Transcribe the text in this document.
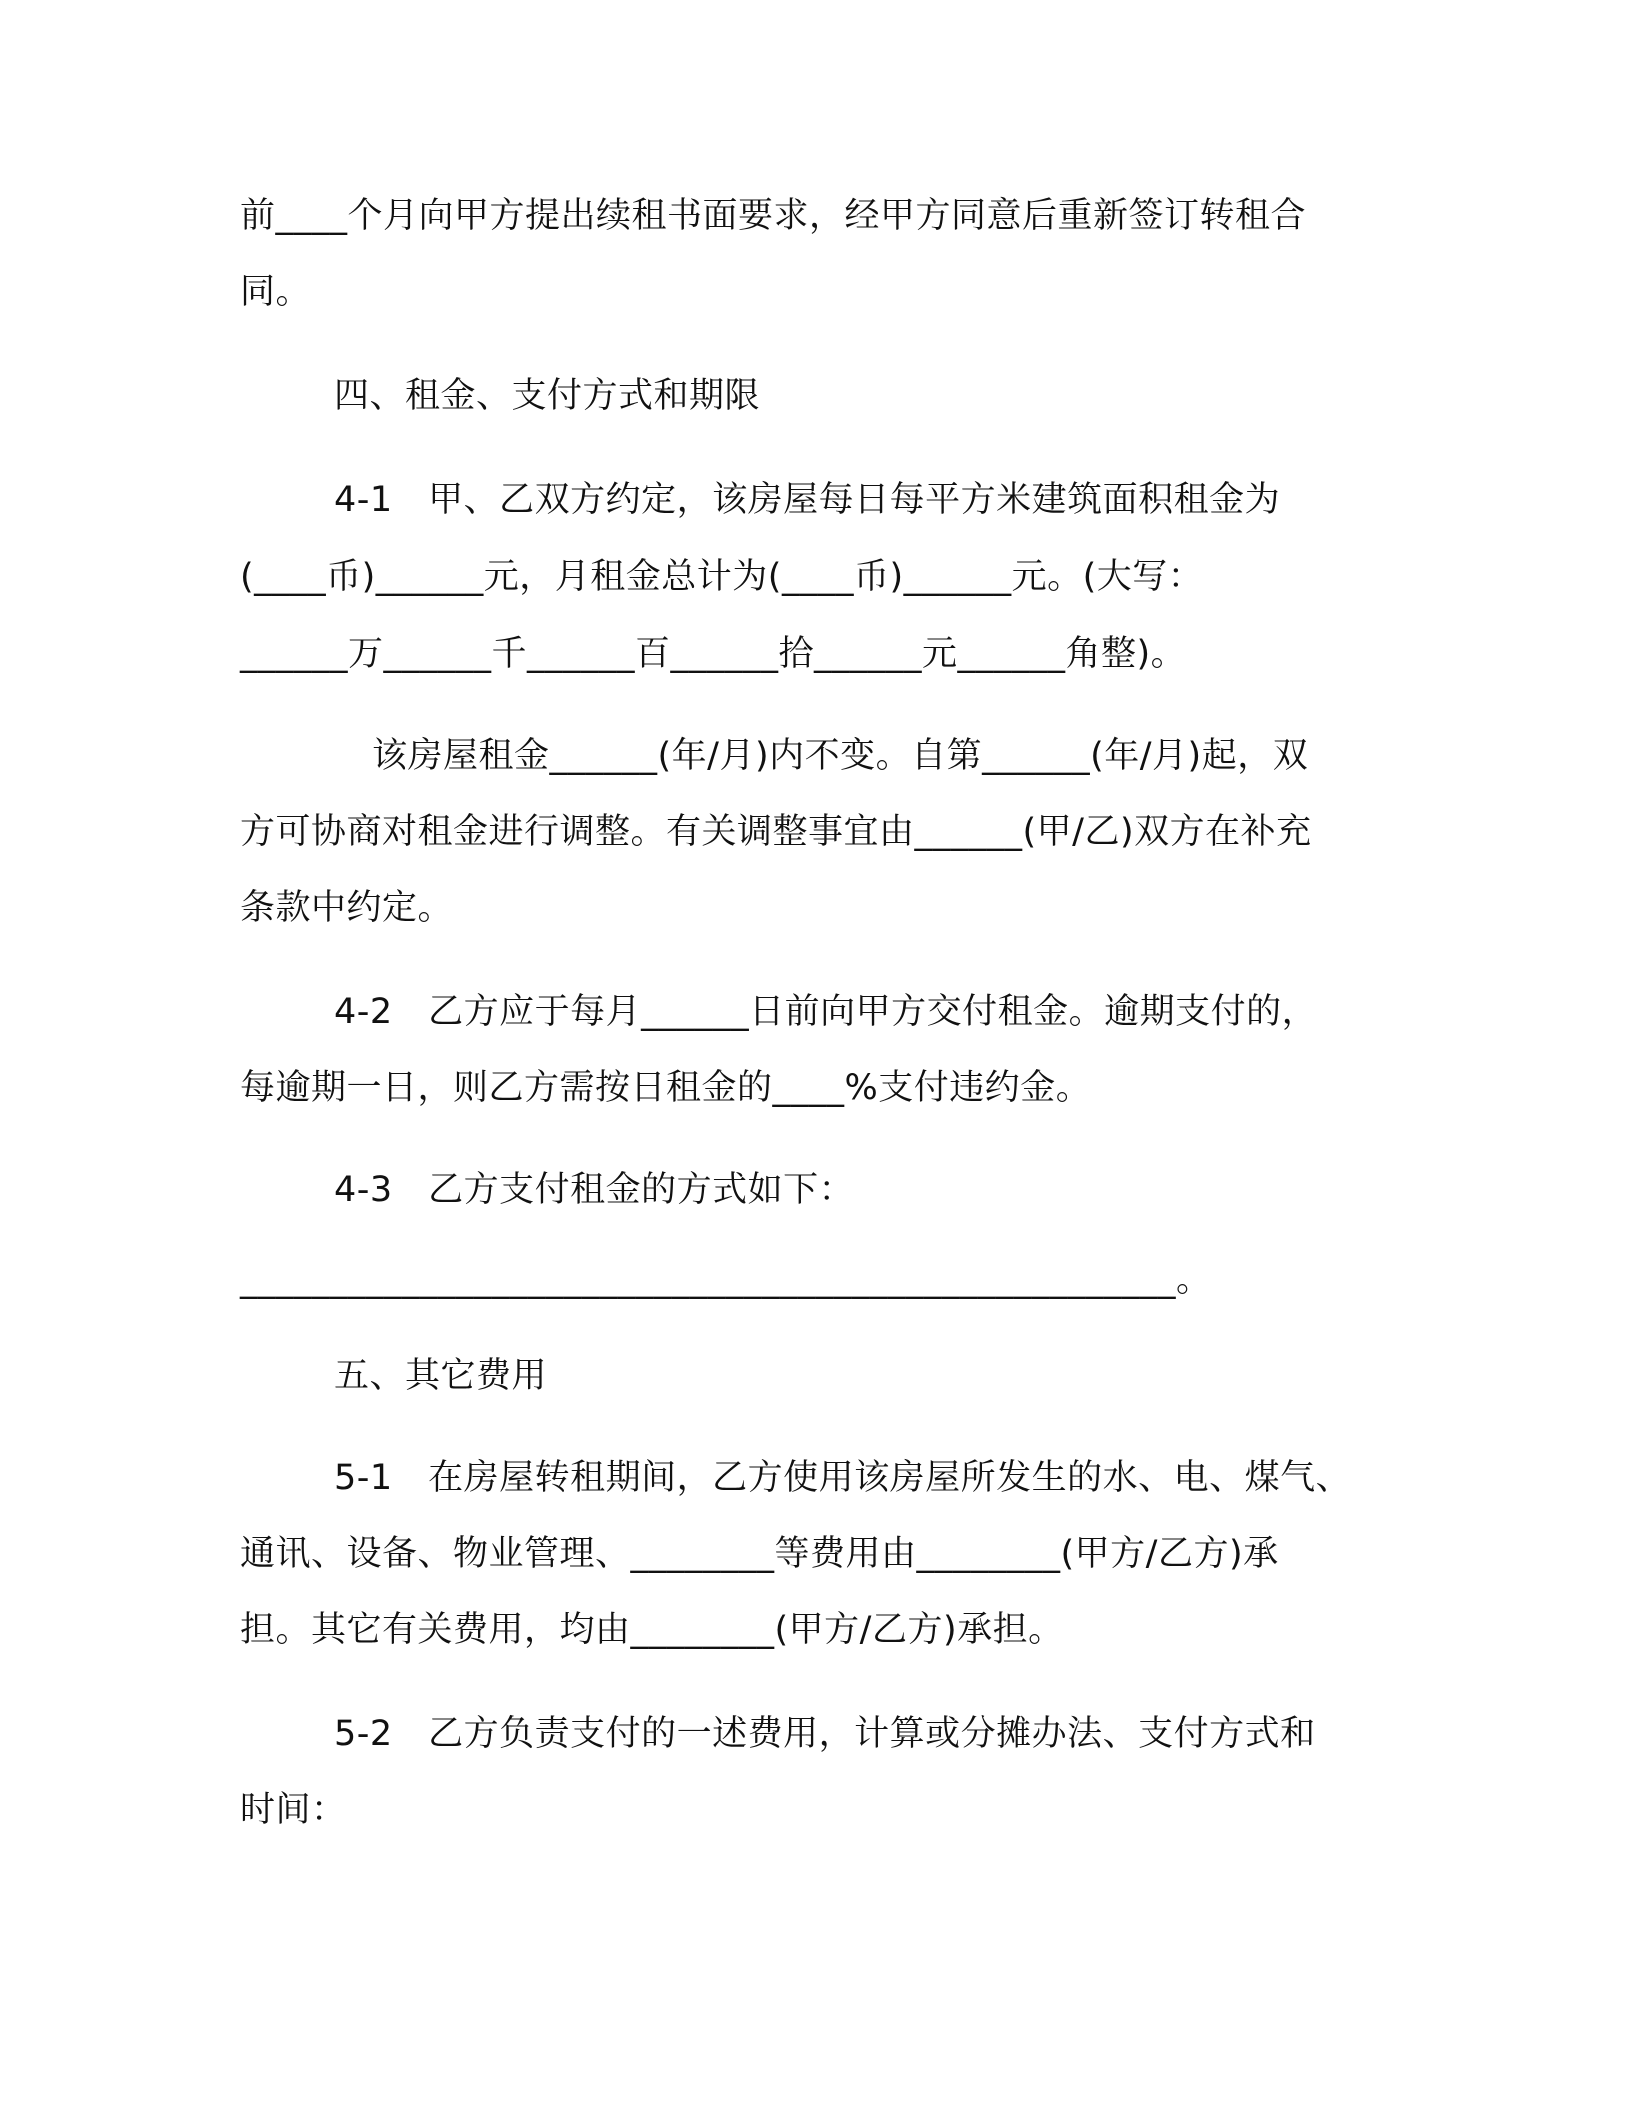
前____个月向甲方提出续租书面要求，经甲方同意后重新签订转租合
同。
四、租金、支付方式和期限
4-1　甲、乙双方约定，该房屋每日每平方米建筑面积租金为
(____币)______元，月租金总计为(____币)______元。(大写：
______万______千______百______拾______元______角整)。
该房屋租金______(年/月)内不变。自第______(年/月)起，双
方可协商对租金进行调整。有关调整事宜由______(甲/乙)双方在补充
条款中约定。
4-2　乙方应于每月______日前向甲方交付租金。逾期支付的，
每逾期一日，则乙方需按日租金的____%支付违约金。
4-3　乙方支付租金的方式如下：
____________________________________________________。
五、其它费用
5-1　在房屋转租期间，乙方使用该房屋所发生的水、电、煤气、
通讯、设备、物业管理、________等费用由________(甲方/乙方)承
担。其它有关费用，均由________(甲方/乙方)承担。
5-2　乙方负责支付的一述费用，计算或分摊办法、支付方式和
时间：
